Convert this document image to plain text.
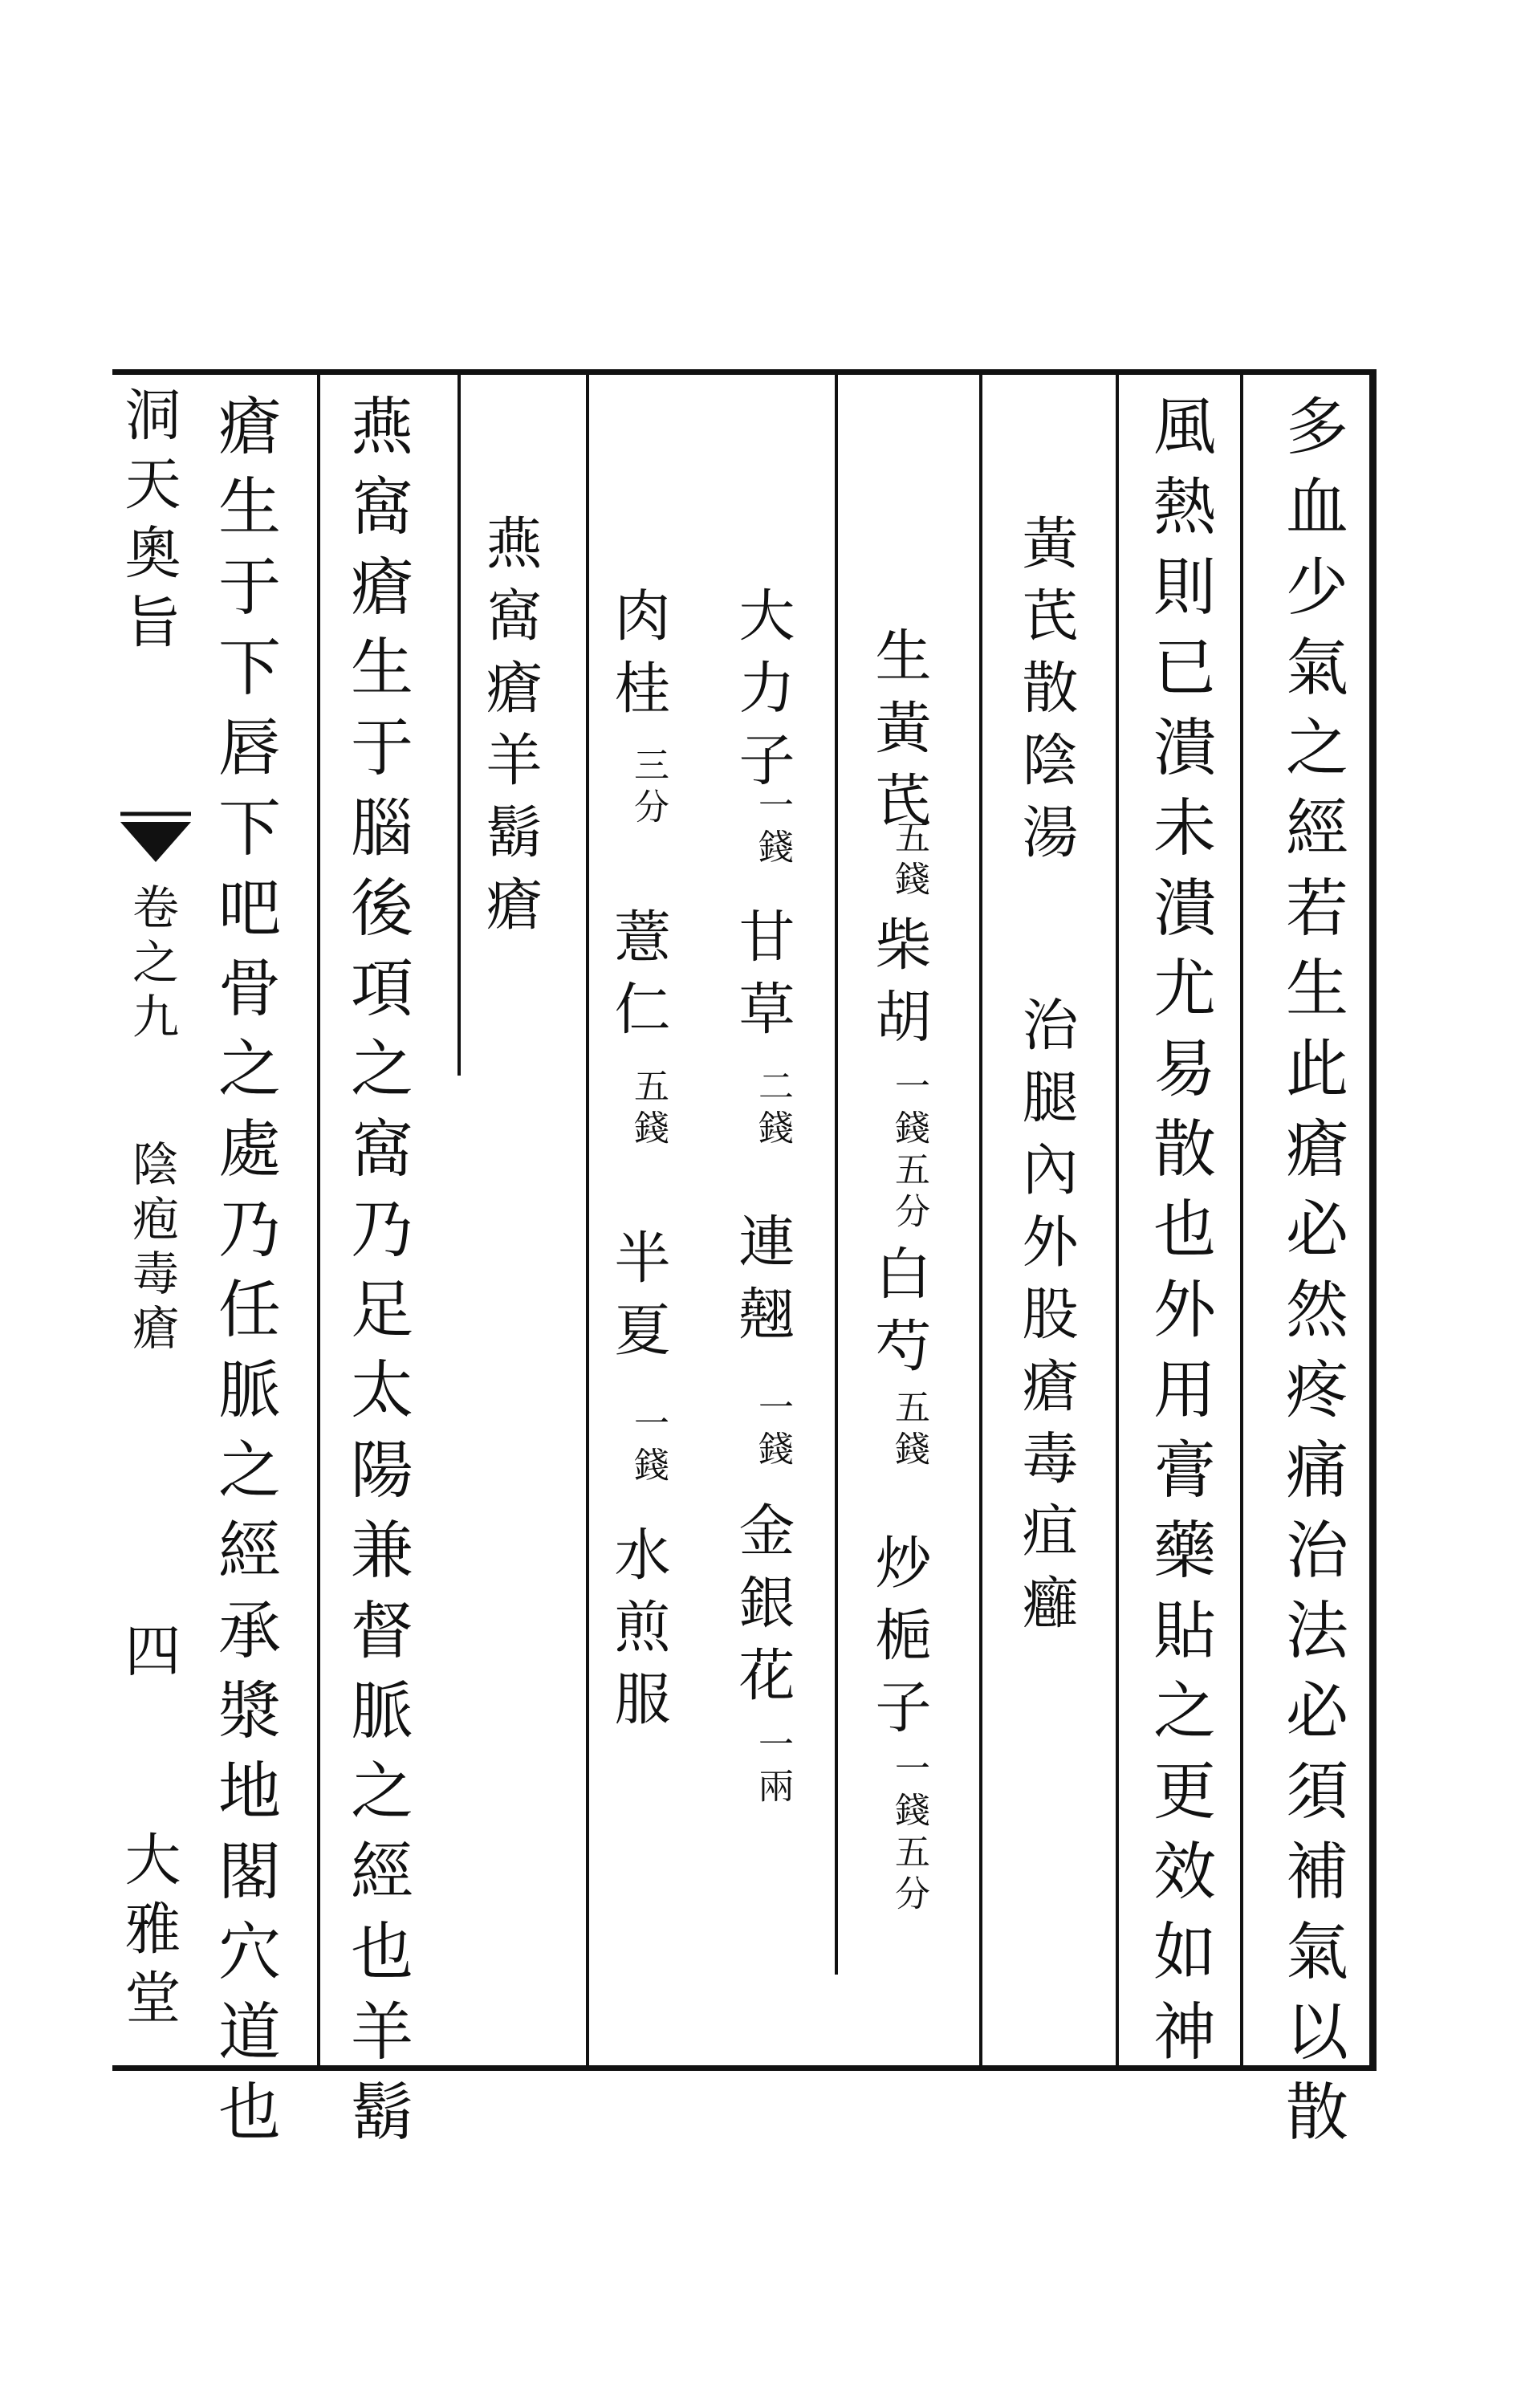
多血少氣之經若生此瘡必然疼痛治法必須補氣以散
風熱則已潰未潰尤易散也外用膏藥貼之更效如神
黃芪散陰湯
治腿內外股瘡毒疽癰
生黃芪
五錢
柴胡
一錢五分
白芍
五錢
炒梔子
一錢五分
大力子
一錢
甘草
二錢
連翹
一錢
金銀花
一兩
肉桂
三分
薏仁
五錢
半夏
一錢
水煎服
燕窩瘡羊鬍瘡
燕窩瘡生于腦後項之窩乃足太陽兼督脈之經也羊鬍
瘡生于下唇下吧骨之處乃任脈之經承漿地閣穴道也
洞天奧旨
卷之九
陰疱毒瘡
四
大雅堂
